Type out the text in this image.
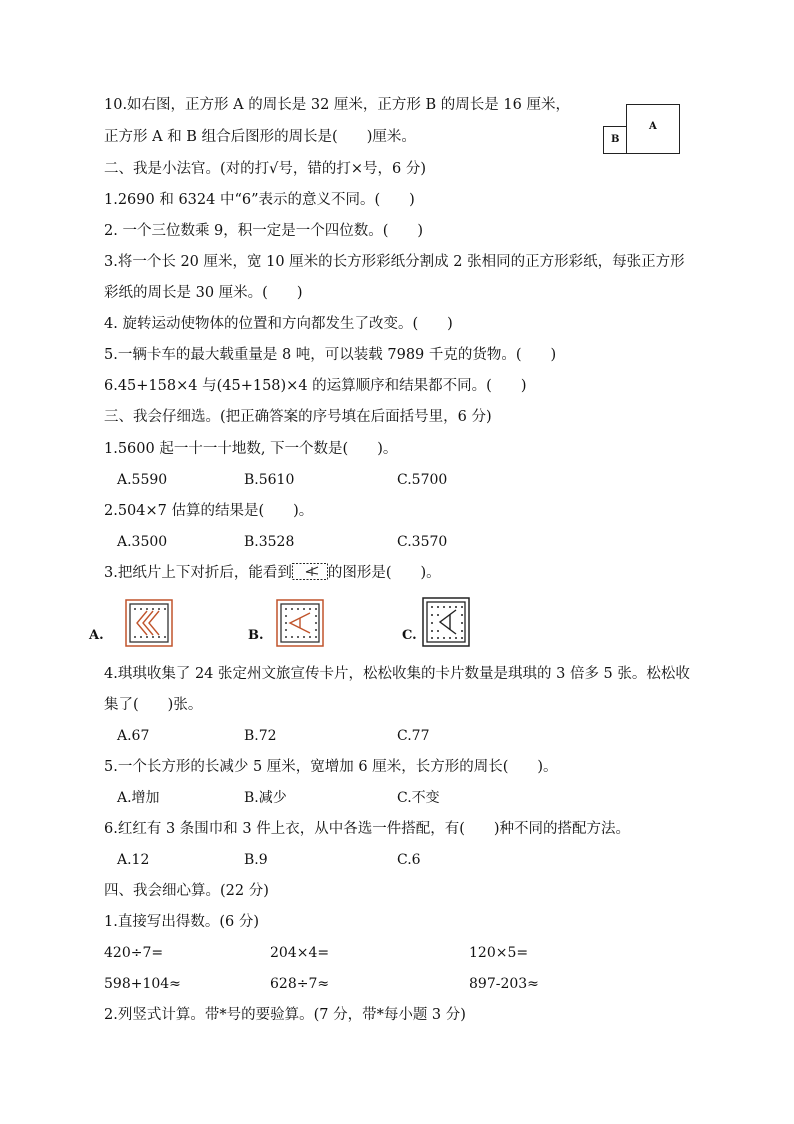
10.如右图，正方形 A 的周长是 32 厘米，正方形 B 的周长是 16 厘米，
正方形 A 和 B 组合后图形的周长是(　　)厘米。	B
A
二、我是小法官。(对的打√号，错的打×号，6 分)
1.2690 和 6324 中“6”表示的意义不同。(　　)
2. 一个三位数乘 9，积一定是一个四位数。(　　)
3.将一个长 20 厘米，宽 10 厘米的长方形彩纸分割成 2 张相同的正方形彩纸，每张正方形
彩纸的周长是 30 厘米。(　　)
4. 旋转运动使物体的位置和方向都发生了改变。(　　)
5.一辆卡车的最大载重量是 8 吨，可以装载 7989 千克的货物。(　　)
6.45+158×4 与(45+158)×4 的运算顺序和结果都不同。(　　)
三、我会仔细选。(把正确答案的序号填在后面括号里，6 分)
1.5600 起一十一十地数, 下一个数是(　　)。
A.5590	B.5610	C.5700
2.504×7 估算的结果是(　　)。
A.3500	B.3528	C.3570
3.把纸片上下对折后，能看到 的图形是(　　)。
A.	B.	C.
4.琪琪收集了 24 张定州文旅宣传卡片，松松收集的卡片数量是琪琪的 3 倍多 5 张。松松收
集了(　　)张。
A.67	B.72	C.77
5.一个长方形的长减少 5 厘米，宽增加 6 厘米，长方形的周长(　　)。
A.增加	B.减少	C.不变
6.红红有 3 条围巾和 3 件上衣，从中各选一件搭配，有(　　)种不同的搭配方法。
A.12	B.9	C.6
四、我会细心算。(22 分)
1.直接写出得数。(6 分)
420÷7=	204×4=	120×5=
598+104≈	628÷7≈	897-203≈
2.列竖式计算。带*号的要验算。(7 分，带*每小题 3 分)
